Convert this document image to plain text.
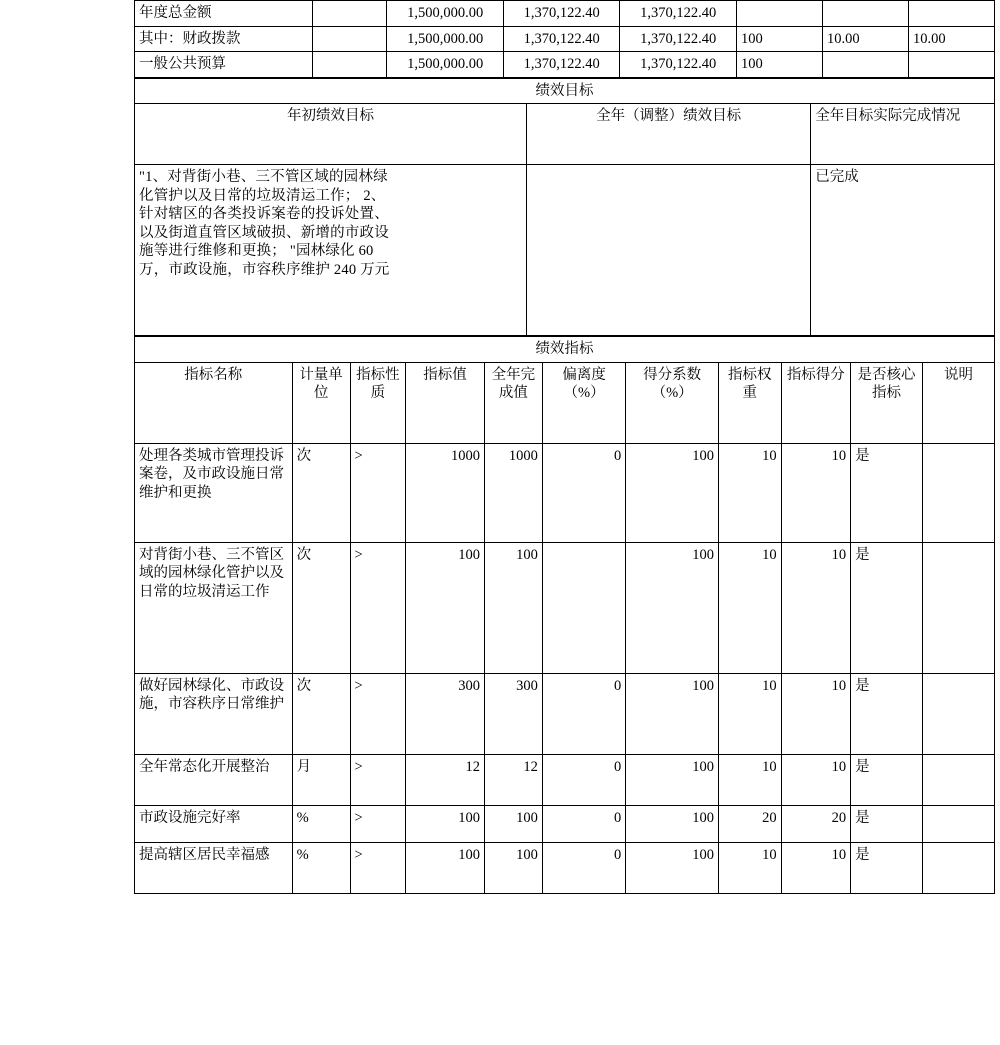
年度总金额		1,500,000.00	1,370,122.40	1,370,122.40			
其中：财政拨款		1,500,000.00	1,370,122.40	1,370,122.40	100	10.00	10.00
一般公共预算		1,500,000.00	1,370,122.40	1,370,122.40	100		
绩效目标		
年初绩效目标	全年（调整）绩效目标	全年目标实际完成情况

"1、对背街小巷、三不管区域的园林绿
化管护以及日常的垃圾清运工作； 2、
针对辖区的各类投诉案卷的投诉处置、
以及街道直管区域破损、新增的市政设
施等进行维修和更换； "园林绿化 60
万，市政设施，市容秩序维护 240 万元
		已完成
绩效指标										
指标名称	计量单位	指标性质	指标值	全年完成值	偏离度（%）	得分系数（%）	指标权重	指标得分	是否核心指标	说明
处理各类城市管理投诉案卷，及市政设施日常维护和更换	次	>	1000	1000	0	100	10	10	是	
对背街小巷、三不管区域的园林绿化管护以及日常的垃圾清运工作	次	>	100	100		100	10	10	是	
做好园林绿化、市政设施，市容秩序日常维护	次	>	300	300	0	100	10	10	是	
全年常态化开展整治	月	>	12	12	0	100	10	10	是	
市政设施完好率	%	>	100	100	0	100	20	20	是	
提高辖区居民幸福感	%	>	100	100	0	100	10	10	是	
